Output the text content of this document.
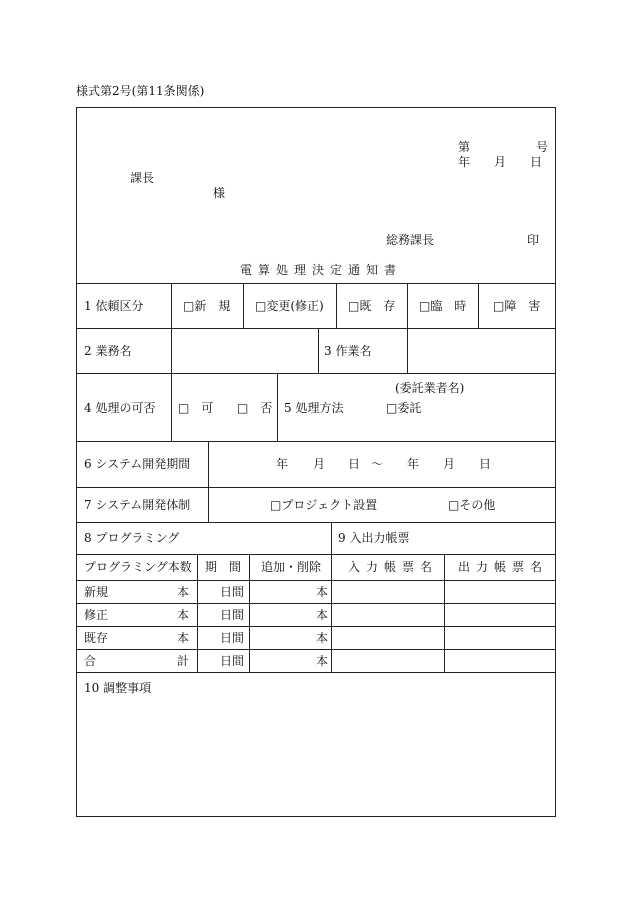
様式第2号(第11条関係)
第	号
年 月 日
課長
様
総務課長	印
電算処理決定通知書
1 依頼区分	□新　規 □変更(修正) □既　存 □臨　時 □障　害
2 業務名	3 作業名
4 処理の可否 □　可 □　否 5 処理方法
(委託業者名)
□委託
6 システム開発期間	年 月 日 ～ 年 月 日
7 システム開発体制	□プロジェクト設置	□その他
8 プログラミング	9 入出力帳票
プログラミング本数 期　間 追加・削除 入力帳票名 出力帳票名
新規	本	日間	本
修正	本	日間	本
既存	本	日間	本
合	計	日間	本
10 調整事項
